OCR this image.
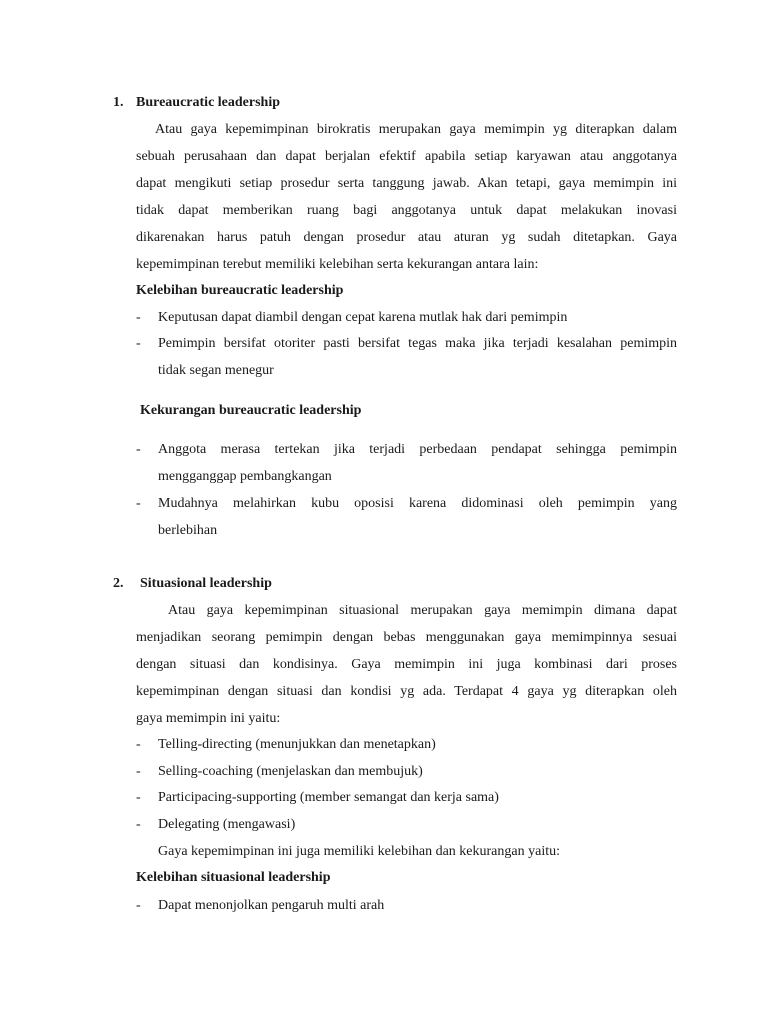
1. Bureaucratic leadership
Atau gaya kepemimpinan birokratis merupakan gaya memimpin yg diterapkan dalam
sebuah perusahaan dan dapat berjalan efektif apabila setiap karyawan atau anggotanya
dapat mengikuti setiap prosedur serta tanggung jawab. Akan tetapi, gaya memimpin ini
tidak dapat memberikan ruang bagi anggotanya untuk dapat melakukan inovasi
dikarenakan harus patuh dengan prosedur atau aturan yg sudah ditetapkan. Gaya
kepemimpinan terebut memiliki kelebihan serta kekurangan antara lain:
Kelebihan bureaucratic leadership
- Keputusan dapat diambil dengan cepat karena mutlak hak dari pemimpin
- Pemimpin bersifat otoriter pasti bersifat tegas maka jika terjadi kesalahan pemimpin
tidak segan menegur
Kekurangan bureaucratic leadership
- Anggota merasa tertekan jika terjadi perbedaan pendapat sehingga pemimpin
mengganggap pembangkangan
- Mudahnya melahirkan kubu oposisi karena didominasi oleh pemimpin yang
berlebihan
2. Situasional leadership
Atau gaya kepemimpinan situasional merupakan gaya memimpin dimana dapat
menjadikan seorang pemimpin dengan bebas menggunakan gaya memimpinnya sesuai
dengan situasi dan kondisinya. Gaya memimpin ini juga kombinasi dari proses
kepemimpinan dengan situasi dan kondisi yg ada. Terdapat 4 gaya yg diterapkan oleh
gaya memimpin ini yaitu:
- Telling-directing (menunjukkan dan menetapkan)
- Selling-coaching (menjelaskan dan membujuk)
- Participacing-supporting (member semangat dan kerja sama)
- Delegating (mengawasi)
Gaya kepemimpinan ini juga memiliki kelebihan dan kekurangan yaitu:
Kelebihan situasional leadership
- Dapat menonjolkan pengaruh multi arah
